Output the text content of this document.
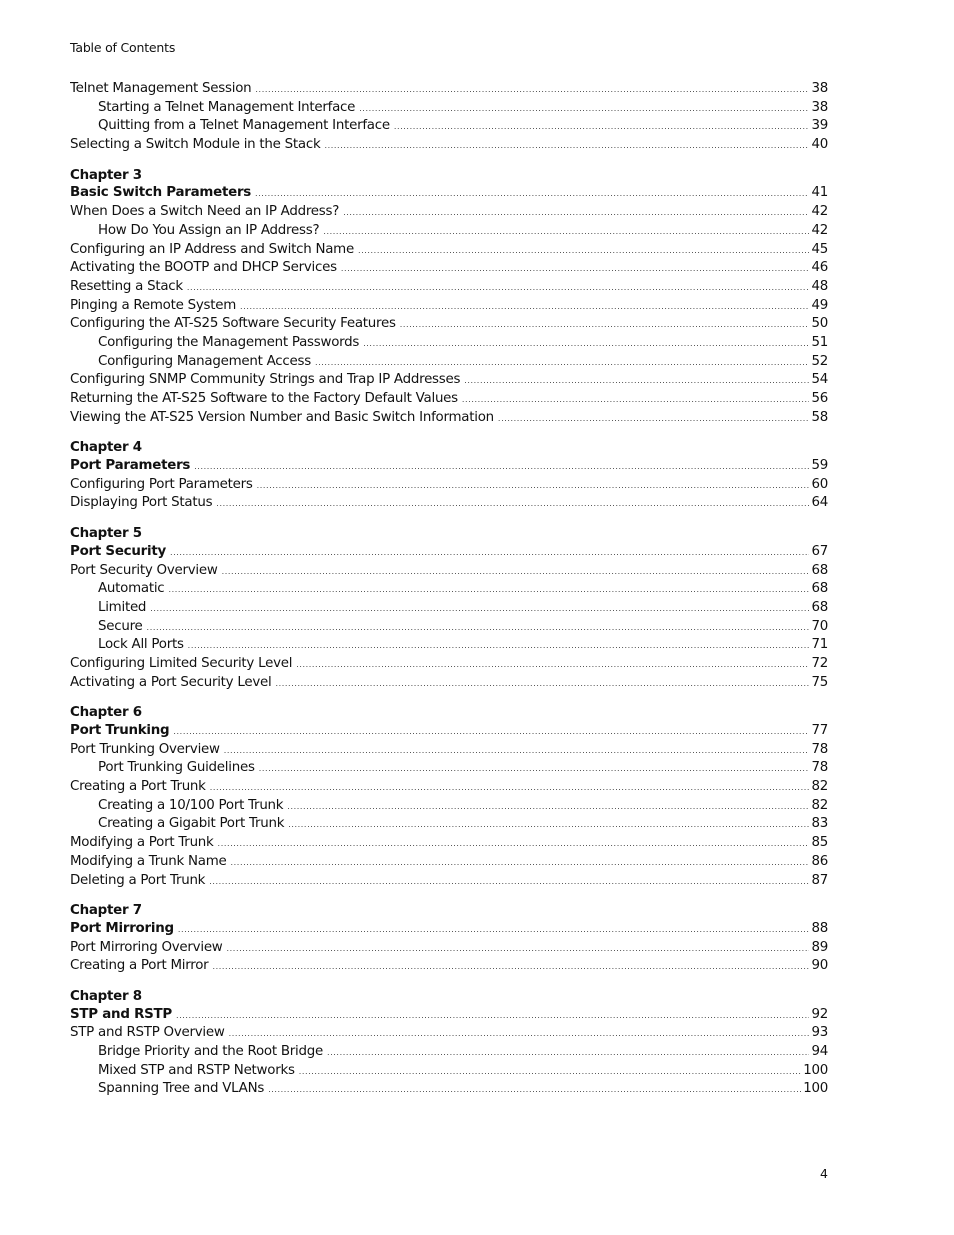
Table of Contents
Telnet Management Session .....	38
Starting a Telnet Management Interface .....	38
Quitting from a Telnet Management Interface .....	39
Selecting a Switch Module in the Stack .....	40
Chapter 3
Basic Switch Parameters .....	41
When Does a Switch Need an IP Address? .....	42
How Do You Assign an IP Address? .....	42
Configuring an IP Address and Switch Name .....	45
Activating the BOOTP and DHCP Services .....	46
Resetting a Stack .....	48
Pinging a Remote System .....	49
Configuring the AT-S25 Software Security Features .....	50
Configuring the Management Passwords .....	51
Configuring Management Access .....	52
Configuring SNMP Community Strings and Trap IP Addresses .....	54
Returning the AT-S25 Software to the Factory Default Values .....	56
Viewing the AT-S25 Version Number and Basic Switch Information .....	58
Chapter 4
Port Parameters .....	59
Configuring Port Parameters .....	60
Displaying Port Status .....	64
Chapter 5
Port Security .....	67
Port Security Overview .....	68
Automatic .....	68
Limited .....	68
Secure .....	70
Lock All Ports .....	71
Configuring Limited Security Level .....	72
Activating a Port Security Level .....	75
Chapter 6
Port Trunking .....	77
Port Trunking Overview .....	78
Port Trunking Guidelines .....	78
Creating a Port Trunk .....	82
Creating a 10/100 Port Trunk .....	82
Creating a Gigabit Port Trunk .....	83
Modifying a Port Trunk .....	85
Modifying a Trunk Name .....	86
Deleting a Port Trunk .....	87
Chapter 7
Port Mirroring .....	88
Port Mirroring Overview .....	89
Creating a Port Mirror .....	90
Chapter 8
STP and RSTP .....	92
STP and RSTP Overview .....	93
Bridge Priority and the Root Bridge .....	94
Mixed STP and RSTP Networks .....	100
Spanning Tree and VLANs .....	100
4
